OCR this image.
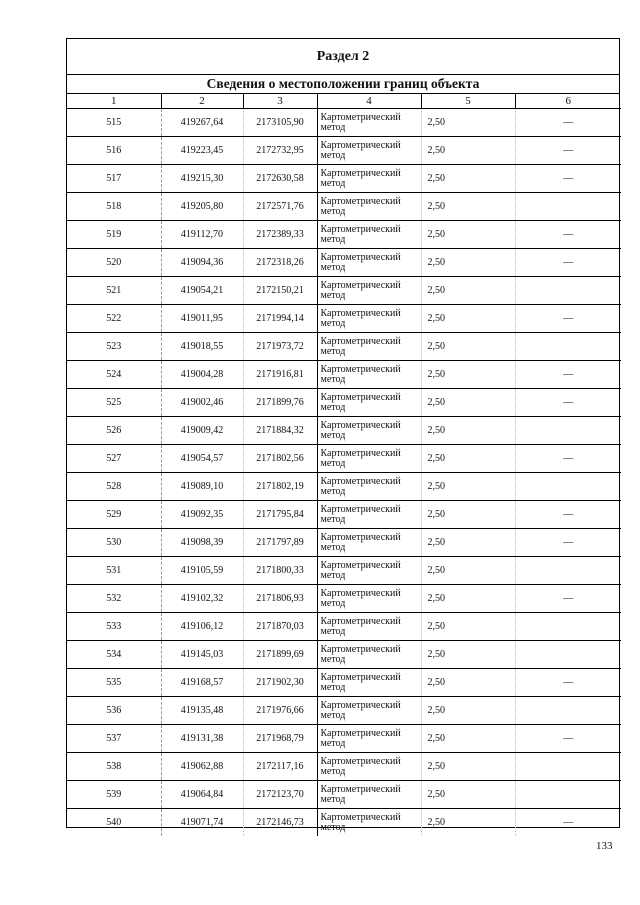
Раздел 2
Сведения о местоположении границ объекта
1	2	3	4	5	6
515	419267,64	2173105,90	Картометрический метод	2,50	—
516	419223,45	2172732,95	Картометрический метод	2,50	—
517	419215,30	2172630,58	Картометрический метод	2,50	—
518	419205,80	2172571,76	Картометрический метод	2,50	
519	419112,70	2172389,33	Картометрический метод	2,50	—
520	419094,36	2172318,26	Картометрический метод	2,50	—
521	419054,21	2172150,21	Картометрический метод	2,50	
522	419011,95	2171994,14	Картометрический метод	2,50	—
523	419018,55	2171973,72	Картометрический метод	2,50	
524	419004,28	2171916,81	Картометрический метод	2,50	—
525	419002,46	2171899,76	Картометрический метод	2,50	—
526	419009,42	2171884,32	Картометрический метод	2,50	
527	419054,57	2171802,56	Картометрический метод	2,50	—
528	419089,10	2171802,19	Картометрический метод	2,50	
529	419092,35	2171795,84	Картометрический метод	2,50	—
530	419098,39	2171797,89	Картометрический метод	2,50	—
531	419105,59	2171800,33	Картометрический метод	2,50	
532	419102,32	2171806,93	Картометрический метод	2,50	—
533	419106,12	2171870,03	Картометрический метод	2,50	
534	419145,03	2171899,69	Картометрический метод	2,50	
535	419168,57	2171902,30	Картометрический метод	2,50	—
536	419135,48	2171976,66	Картометрический метод	2,50	
537	419131,38	2171968,79	Картометрический метод	2,50	—
538	419062,88	2172117,16	Картометрический метод	2,50	
539	419064,84	2172123,70	Картометрический метод	2,50	
540	419071,74	2172146,73	Картометрический метод	2,50	—
133
